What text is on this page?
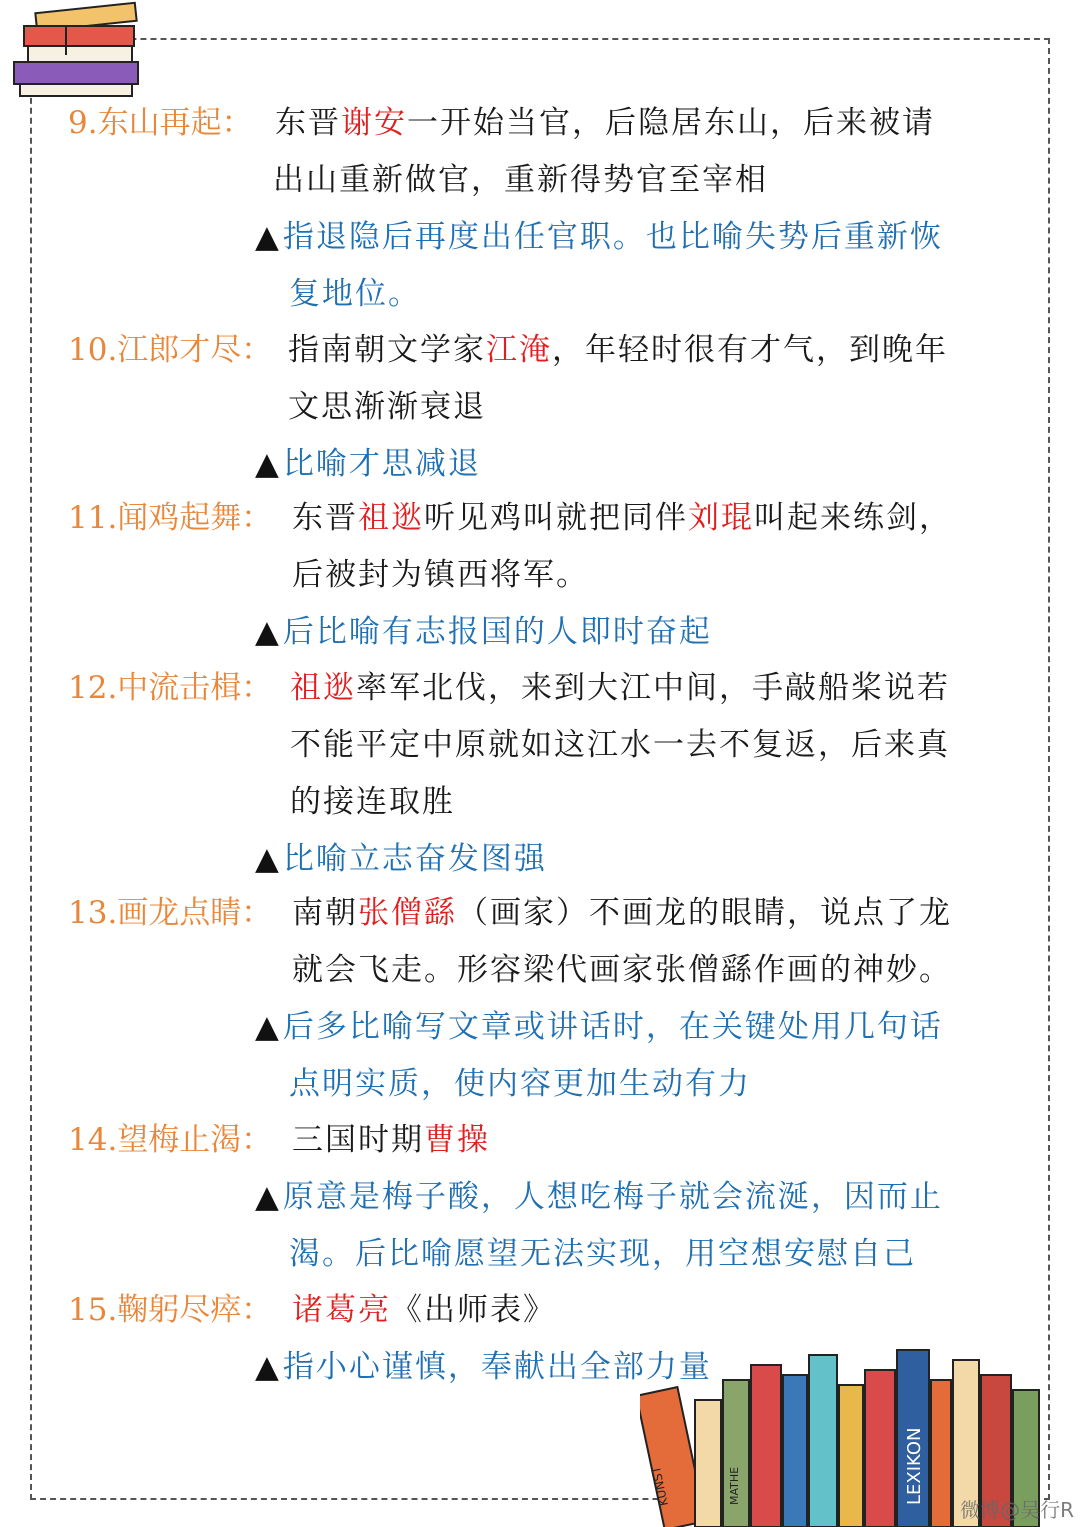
KUNST	LEXIKON
MATHE
9.东山再起： 东晋谢安一开始当官，后隐居东山，后来被请
出山重新做官，重新得势官至宰相
▲指退隐后再度出任官职。也比喻失势后重新恢
复地位。
10.江郎才尽： 指南朝文学家江淹，年轻时很有才气，到晚年
文思渐渐衰退
▲比喻才思减退
11.闻鸡起舞： 东晋祖逖听见鸡叫就把同伴刘琨叫起来练剑，
后被封为镇西将军。
▲后比喻有志报国的人即时奋起
12.中流击楫： 祖逖率军北伐，来到大江中间，手敲船桨说若
不能平定中原就如这江水一去不复返，后来真
的接连取胜
▲比喻立志奋发图强
13.画龙点睛： 南朝张僧繇（画家）不画龙的眼睛，说点了龙
就会飞走。形容梁代画家张僧繇作画的神妙。
▲后多比喻写文章或讲话时，在关键处用几句话
点明实质，使内容更加生动有力
14.望梅止渴： 三国时期曹操
▲原意是梅子酸，人想吃梅子就会流涎，因而止
渴。后比喻愿望无法实现，用空想安慰自己
15.鞠躬尽瘁： 诸葛亮《出师表》
▲指小心谨慎，奉献出全部力量
微博@吴行R
